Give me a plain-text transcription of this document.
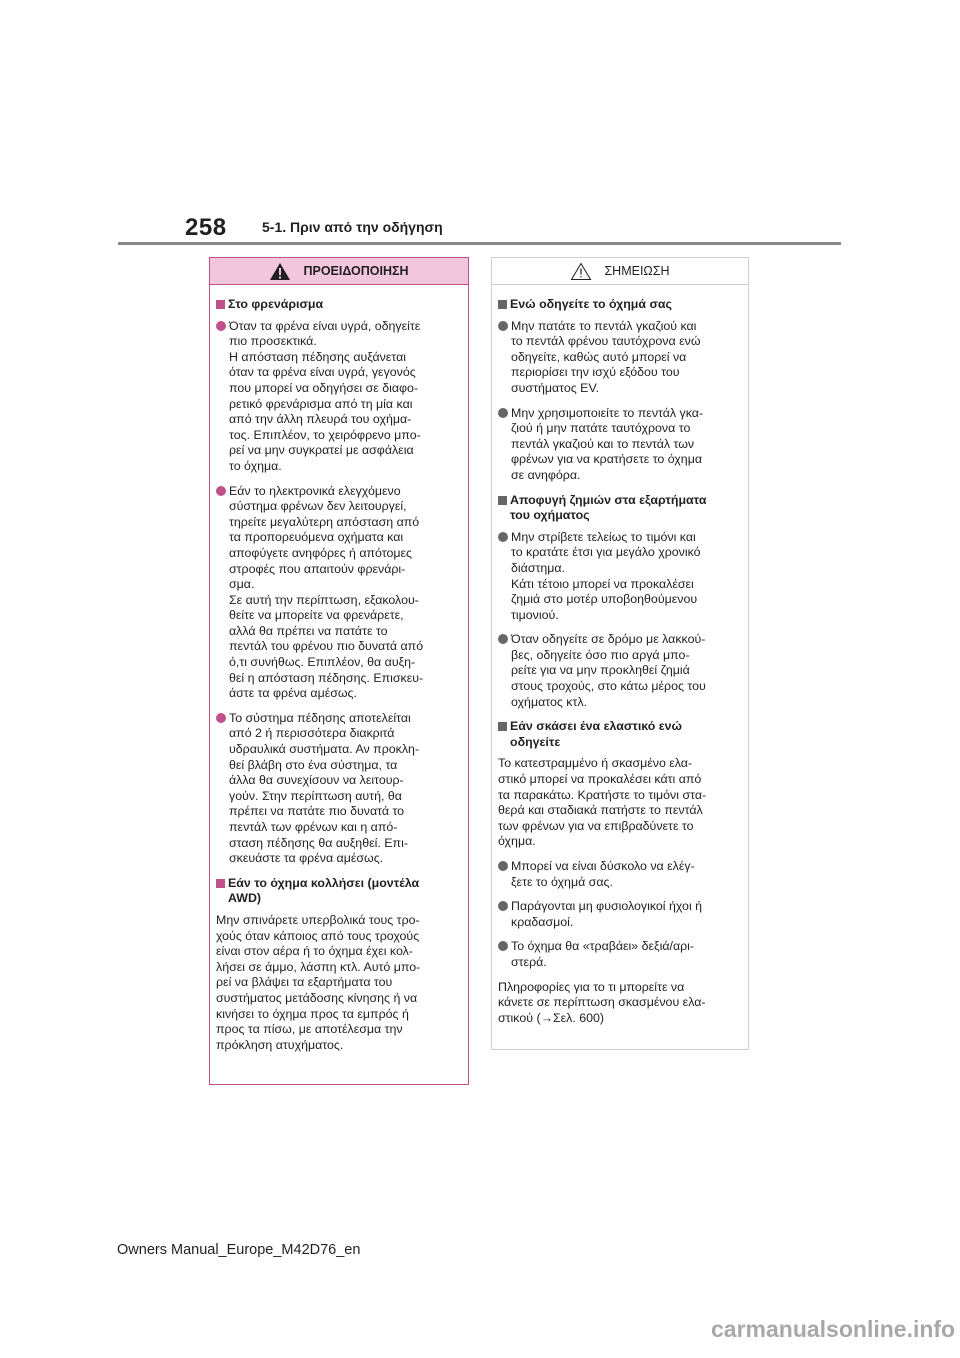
258	5-1. Πριν από την οδήγηση
ΠΡΟΕΙΔΟΠΟΙΗΣΗ
Στο φρενάρισμα
Όταν τα φρένα είναι υγρά, οδηγείτε
πιο προσεκτικά.
Η απόσταση πέδησης αυξάνεται
όταν τα φρένα είναι υγρά, γεγονός
που μπορεί να οδηγήσει σε διαφο-
ρετικό φρενάρισμα από τη μία και
από την άλλη πλευρά του οχήμα-
τος. Επιπλέον, το χειρόφρενο μπο-
ρεί να μην συγκρατεί με ασφάλεια
το όχημα.
Εάν το ηλεκτρονικά ελεγχόμενο
σύστημα φρένων δεν λειτουργεί,
τηρείτε μεγαλύτερη απόσταση από
τα προπορευόμενα οχήματα και
αποφύγετε ανηφόρες ή απότομες
στροφές που απαιτούν φρενάρι-
σμα.
Σε αυτή την περίπτωση, εξακολου-
θείτε να μπορείτε να φρενάρετε,
αλλά θα πρέπει να πατάτε το
πεντάλ του φρένου πιο δυνατά από
ό,τι συνήθως. Επιπλέον, θα αυξη-
θεί η απόσταση πέδησης. Επισκευ-
άστε τα φρένα αμέσως.
Το σύστημα πέδησης αποτελείται
από 2 ή περισσότερα διακριτά
υδραυλικά συστήματα. Αν προκλη-
θεί βλάβη στο ένα σύστημα, τα
άλλα θα συνεχίσουν να λειτουρ-
γούν. Στην περίπτωση αυτή, θα
πρέπει να πατάτε πιο δυνατά το
πεντάλ των φρένων και η από-
σταση πέδησης θα αυξηθεί. Επι-
σκευάστε τα φρένα αμέσως.
Εάν το όχημα κολλήσει (μοντέλα
AWD)
Μην σπινάρετε υπερβολικά τους τρο-
χούς όταν κάποιος από τους τροχούς
είναι στον αέρα ή το όχημα έχει κολ-
λήσει σε άμμο, λάσπη κτλ. Αυτό μπο-
ρεί να βλάψει τα εξαρτήματα του
συστήματος μετάδοσης κίνησης ή να
κινήσει το όχημα προς τα εμπρός ή
προς τα πίσω, με αποτέλεσμα την
πρόκληση ατυχήματος.
ΣΗΜΕΙΩΣΗ
Ενώ οδηγείτε το όχημά σας
Μην πατάτε το πεντάλ γκαζιού και
το πεντάλ φρένου ταυτόχρονα ενώ
οδηγείτε, καθώς αυτό μπορεί να
περιορίσει την ισχύ εξόδου του
συστήματος EV.
Μην χρησιμοποιείτε το πεντάλ γκα-
ζιού ή μην πατάτε ταυτόχρονα το
πεντάλ γκαζιού και το πεντάλ των
φρένων για να κρατήσετε το όχημα
σε ανηφόρα.
Αποφυγή ζημιών στα εξαρτήματα
του οχήματος
Μην στρίβετε τελείως το τιμόνι και
το κρατάτε έτσι για μεγάλο χρονικό
διάστημα.
Κάτι τέτοιο μπορεί να προκαλέσει
ζημιά στο μοτέρ υποβοηθούμενου
τιμονιού.
Όταν οδηγείτε σε δρόμο με λακκού-
βες, οδηγείτε όσο πιο αργά μπο-
ρείτε για να μην προκληθεί ζημιά
στους τροχούς, στο κάτω μέρος του
οχήματος κτλ.
Εάν σκάσει ένα ελαστικό ενώ
οδηγείτε
Το κατεστραμμένο ή σκασμένο ελα-
στικό μπορεί να προκαλέσει κάτι από
τα παρακάτω. Κρατήστε το τιμόνι στα-
θερά και σταδιακά πατήστε το πεντάλ
των φρένων για να επιβραδύνετε το
όχημα.
Μπορεί να είναι δύσκολο να ελέγ-
ξετε το όχημά σας.
Παράγονται μη φυσιολογικοί ήχοι ή
κραδασμοί.
Το όχημα θα «τραβάει» δεξιά/αρι-
στερά.
Πληροφορίες για το τι μπορείτε να
κάνετε σε περίπτωση σκασμένου ελα-
στικού (→Σελ. 600)
Owners Manual_Europe_M42D76_en
carmanualsonline.info
